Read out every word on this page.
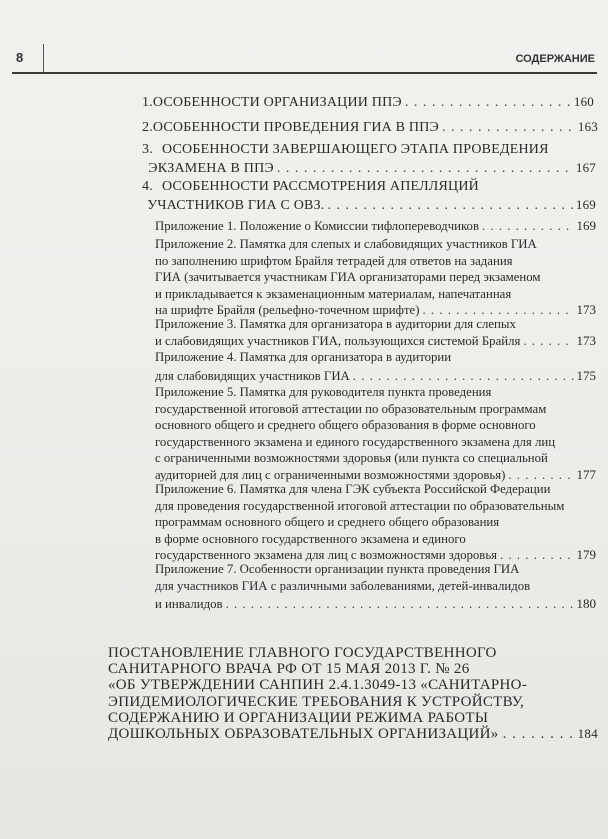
8	СОДЕРЖАНИЕ
1. ОСОБЕННОСТИ ОРГАНИЗАЦИИ ППЭ . . .	160
2. ОСОБЕННОСТИ ПРОВЕДЕНИЯ ГИА В ППЭ . . .	163
3. ОСОБЕННОСТИ ЗАВЕРШАЮЩЕГО ЭТАПА ПРОВЕДЕНИЯ
ЭКЗАМЕНА В ППЭ . . .	167
4. ОСОБЕННОСТИ РАССМОТРЕНИЯ АПЕЛЛЯЦИЙ
УЧАСТНИКОВ ГИА С ОВЗ. . . .	169
Приложение 1. Положение о Комиссии тифлопереводчиков . . .	169
Приложение 2. Памятка для слепых и слабовидящих участников ГИА
по заполнению шрифтом Брайля тетрадей для ответов на задания
ГИА (зачитывается участникам ГИА организаторами перед экзаменом
и прикладывается к экзаменационным материалам, напечатанная
на шрифте Брайля (рельефно-точечном шрифте) . . .	173
Приложение 3. Памятка для организатора в аудитории для слепых
и слабовидящих участников ГИА, пользующихся системой Брайля . . .	173
Приложение 4. Памятка для организатора в аудитории
для слабовидящих участников ГИА . . .	175
Приложение 5. Памятка для руководителя пункта проведения
государственной итоговой аттестации по образовательным программам
основного общего и среднего общего образования в форме основного
государственного экзамена и единого государственного экзамена для лиц
с ограниченными возможностями здоровья (или пункта со специальной
аудиторией для лиц с ограниченными возможностями здоровья) . . .	177
Приложение 6. Памятка для члена ГЭК субъекта Российской Федерации
для проведения государственной итоговой аттестации по образовательным
программам основного общего и среднего общего образования
в форме основного государственного экзамена и единого
государственного экзамена для лиц с возможностями здоровья . . .	179
Приложение 7. Особенности организации пункта проведения ГИА
для участников ГИА с различными заболеваниями, детей-инвалидов
и инвалидов . . .	180
ПОСТАНОВЛЕНИЕ ГЛАВНОГО ГОСУДАРСТВЕННОГО
САНИТАРНОГО ВРАЧА РФ ОТ 15 МАЯ 2013 Г. № 26
«ОБ УТВЕРЖДЕНИИ САНПИН 2.4.1.3049-13 «САНИТАРНО-
ЭПИДЕМИОЛОГИЧЕСКИЕ ТРЕБОВАНИЯ К УСТРОЙСТВУ,
СОДЕРЖАНИЮ И ОРГАНИЗАЦИИ РЕЖИМА РАБОТЫ
ДОШКОЛЬНЫХ ОБРАЗОВАТЕЛЬНЫХ ОРГАНИЗАЦИЙ» . . .	184
